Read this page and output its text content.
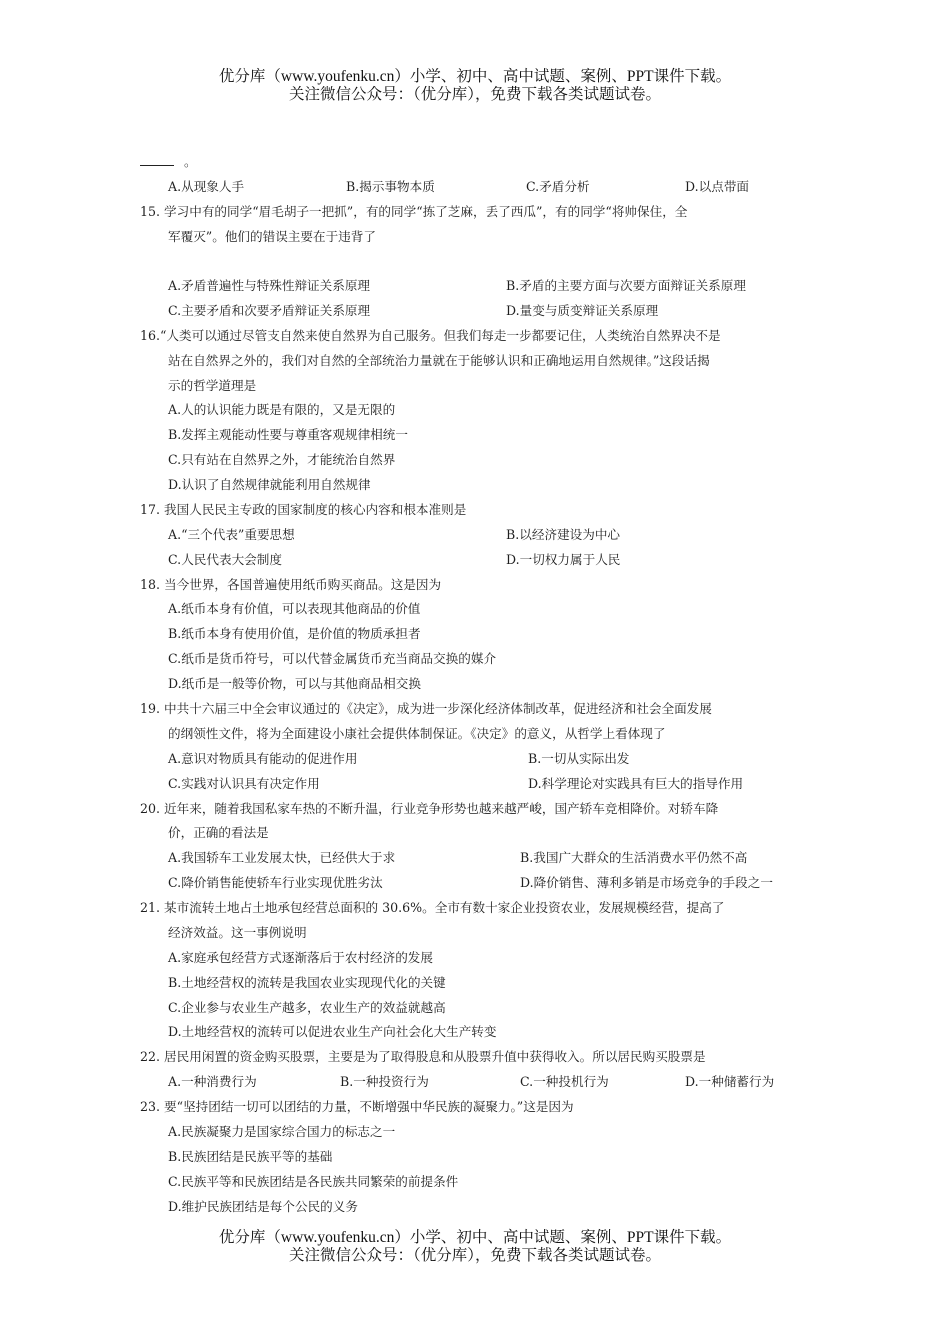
优分库（www.youfenku.cn）小学、初中、高中试题、案例、PPT课件下载。
关注微信公众号：（优分库），免费下载各类试题试卷。
。
A.从现象人手	B.揭示事物本质	C.矛盾分析	D.以点带面
15. 学习中有的同学“眉毛胡子一把抓”，有的同学“拣了芝麻，丢了西瓜”，有的同学“将帅保住，全
军覆灭”。他们的错误主要在于违背了
A.矛盾普遍性与特殊性辩证关系原理	B.矛盾的主要方面与次要方面辩证关系原理
C.主要矛盾和次要矛盾辩证关系原理	D.量变与质变辩证关系原理
16.“人类可以通过尽管支自然来使自然界为自己服务。但我们每走一步都要记住，人类统治自然界决不是
站在自然界之外的，我们对自然的全部统治力量就在于能够认识和正确地运用自然规律。”这段话揭
示的哲学道理是
A.人的认识能力既是有限的，又是无限的
B.发挥主观能动性要与尊重客观规律相统一
C.只有站在自然界之外，才能统治自然界
D.认识了自然规律就能利用自然规律
17. 我国人民民主专政的国家制度的核心内容和根本准则是
A.“三个代表”重要思想	B.以经济建设为中心
C.人民代表大会制度	D.一切权力属于人民
18. 当今世界，各国普遍使用纸币购买商品。这是因为
A.纸币本身有价值，可以表现其他商品的价值
B.纸币本身有使用价值，是价值的物质承担者
C.纸币是货币符号，可以代替金属货币充当商品交换的媒介
D.纸币是一般等价物，可以与其他商品相交换
19. 中共十六届三中全会审议通过的《决定》，成为进一步深化经济体制改革，促进经济和社会全面发展
的纲领性文件，将为全面建设小康社会提供体制保证。《决定》的意义，从哲学上看体现了
A.意识对物质具有能动的促进作用	B.一切从实际出发
C.实践对认识具有决定作用	D.科学理论对实践具有巨大的指导作用
20. 近年来，随着我国私家车热的不断升温，行业竞争形势也越来越严峻，国产轿车竞相降价。对轿车降
价，正确的看法是
A.我国轿车工业发展太快，已经供大于求	B.我国广大群众的生活消费水平仍然不高
C.降价销售能使轿车行业实现优胜劣汰	D.降价销售、薄利多销是市场竞争的手段之一
21. 某市流转土地占土地承包经营总面积的 30.6%。全市有数十家企业投资农业，发展规模经营，提高了
经济效益。这一事例说明
A.家庭承包经营方式逐渐落后于农村经济的发展
B.土地经营权的流转是我国农业实现现代化的关键
C.企业参与农业生产越多，农业生产的效益就越高
D.土地经营权的流转可以促进农业生产向社会化大生产转变
22. 居民用闲置的资金购买股票，主要是为了取得股息和从股票升值中获得收入。所以居民购买股票是
A.一种消费行为	B.一种投资行为	C.一种投机行为	D.一种储蓄行为
23. 要“坚持团结一切可以团结的力量，不断增强中华民族的凝聚力。”这是因为
A.民族凝聚力是国家综合国力的标志之一
B.民族团结是民族平等的基础
C.民族平等和民族团结是各民族共同繁荣的前提条件
D.维护民族团结是每个公民的义务
优分库（www.youfenku.cn）小学、初中、高中试题、案例、PPT课件下载。
关注微信公众号：（优分库），免费下载各类试题试卷。
